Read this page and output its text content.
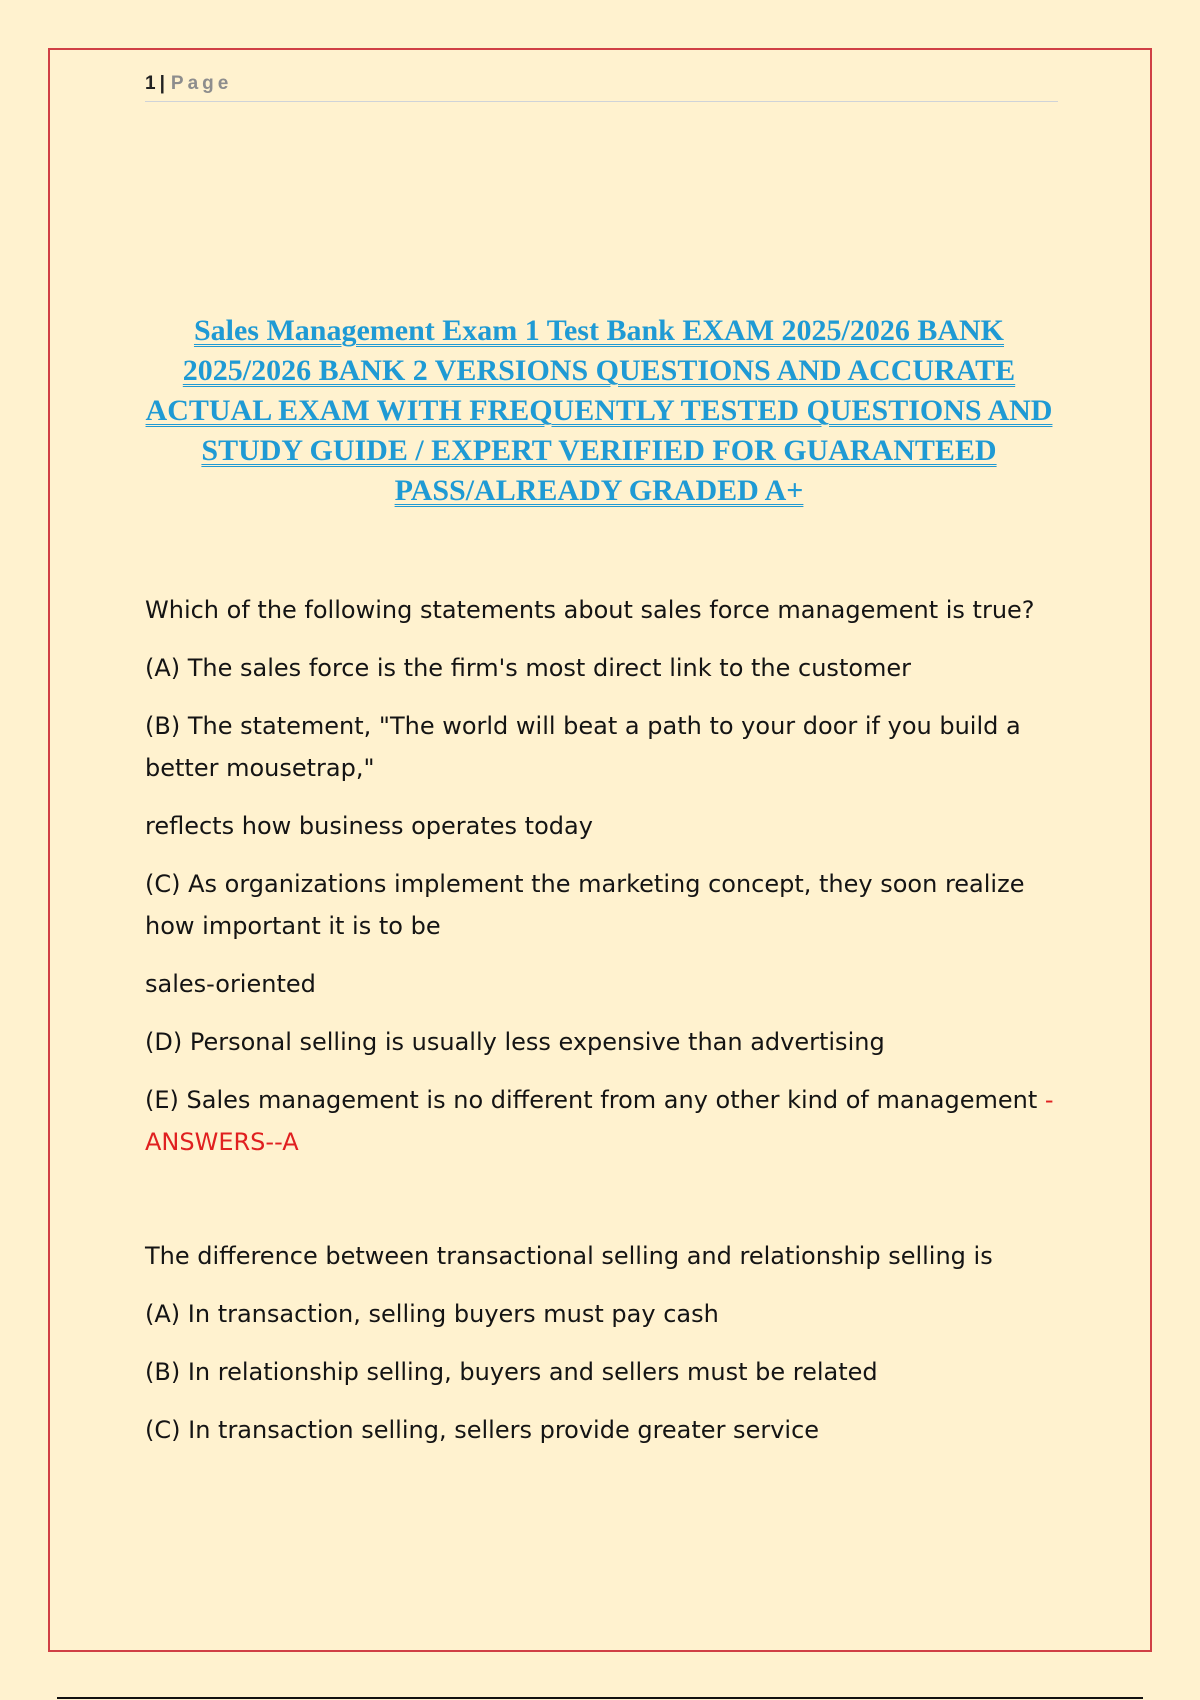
1 | Page
Sales Management Exam 1 Test Bank EXAM 2025/2026 BANK 2025/2026 BANK 2 VERSIONS QUESTIONS AND ACCURATE ACTUAL EXAM WITH FREQUENTLY TESTED QUESTIONS AND STUDY GUIDE / EXPERT VERIFIED FOR GUARANTEED PASS/ALREADY GRADED A+

Which of the following statements about sales force management is true?

(A) The sales force is the firm's most direct link to the customer

(B) The statement, "The world will beat a path to your door if you build a better mousetrap,"

reflects how business operates today

(C) As organizations implement the marketing concept, they soon realize how important it is to be

sales-oriented

(D) Personal selling is usually less expensive than advertising

(E) Sales management is no different from any other kind of management - ANSWERS--A

The difference between transactional selling and relationship selling is

(A) In transaction, selling buyers must pay cash

(B) In relationship selling, buyers and sellers must be related

(C) In transaction selling, sellers provide greater service
